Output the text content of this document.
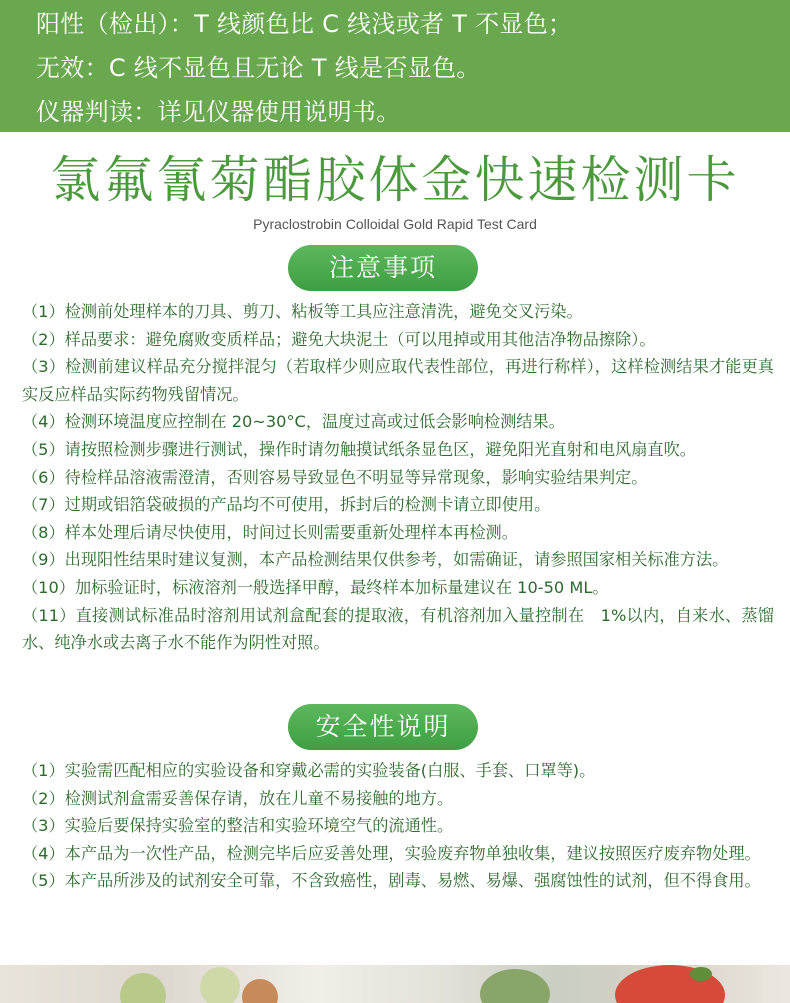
阳性（检出）：T 线颜色比 C 线浅或者 T 不显色；
无效：C 线不显色且无论 T 线是否显色。
仪器判读：详见仪器使用说明书。
氯氟氰菊酯胶体金快速检测卡
Pyraclostrobin Colloidal Gold Rapid Test Card
注意事项

（1）检测前处理样本的刀具、剪刀、粘板等工具应注意清洗，避免交叉污染。

（2）样品要求：避免腐败变质样品；避免大块泥土（可以甩掉或用其他洁净物品擦除）。

（3）检测前建议样品充分搅拌混匀（若取样少则应取代表性部位，再进行称样），这样检测结果才能更真实反应样品实际药物残留情况。

（4）检测环境温度应控制在 20~30°C，温度过高或过低会影响检测结果。

（5）请按照检测步骤进行测试，操作时请勿触摸试纸条显色区，避免阳光直射和电风扇直吹。

（6）待检样品溶液需澄清，否则容易导致显色不明显等异常现象，影响实验结果判定。

（7）过期或铝箔袋破损的产品均不可使用，拆封后的检测卡请立即使用。

（8）样本处理后请尽快使用，时间过长则需要重新处理样本再检测。

（9）出现阳性结果时建议复测，本产品检测结果仅供参考，如需确证，请参照国家相关标准方法。

（10）加标验证时，标液溶剂一般选择甲醇，最终样本加标量建议在 10-50 ML。

（11）直接测试标准品时溶剂用试剂盒配套的提取液，有机溶剂加入量控制在　1%以内，自来水、蒸馏水、纯净水或去离子水不能作为阴性对照。

安全性说明

（1）实验需匹配相应的实验设备和穿戴必需的实验装备(白服、手套、口罩等)。

（2）检测试剂盒需妥善保存请，放在儿童不易接触的地方。

（3）实验后要保持实验室的整洁和实验环境空气的流通性。

（4）本产品为一次性产品，检测完毕后应妥善处理，实验废弃物单独收集，建议按照医疗废弃物处理。

（5）本产品所涉及的试剂安全可靠，不含致癌性，剧毒、易燃、易爆、强腐蚀性的试剂，但不得食用。
